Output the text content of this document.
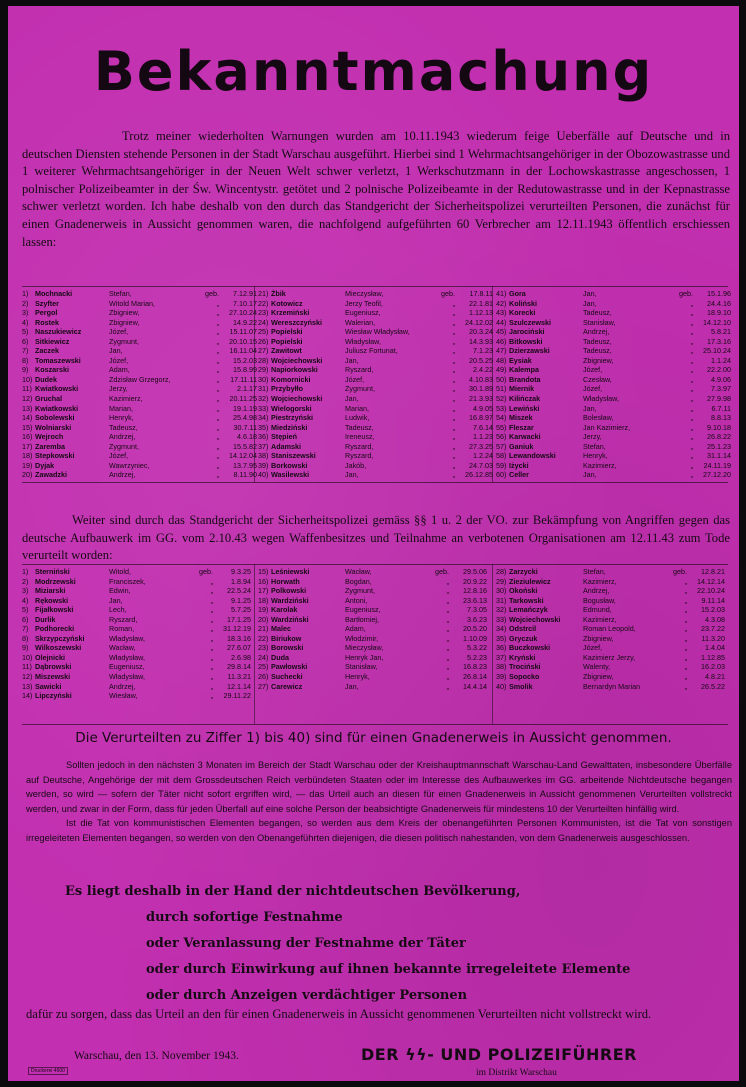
Bekanntmachung

Trotz meiner wiederholten Warnungen wurden am 10.11.1943 wiederum feige Ueberfälle auf Deutsche und in deutschen Diensten stehende Personen in der Stadt Warschau ausgeführt. Hierbei sind 1 Wehrmachtsangehöriger in der Obozowastrasse und 1 weiterer Wehrmachtsangehöriger in der Neuen Welt schwer verletzt, 1 Werkschutzmann in der Lochowskastrasse angeschossen, 1 polnischer Polizeibeamter in der Św. Wincentystr. getötet und 2 polnische Polizeibeamte in der Redutowastrasse und in der Kepnastrasse schwer verletzt worden. Ich habe deshalb von den durch das Standgericht der Sicherheitspolizei verurteilten Personen, die zunächst für einen Gnadenerweis in Aussicht genommen waren, die nachfolgend aufgeführten 60 Verbrecher am 12.11.1943 öffentlich erschiessen lassen:

1) Mochnacki	Stefan,	geb.	7.12.91
2) Szyfter	Witold Marian,	„	7.10.17
3) Pergol	Zbigniew,	„	27.10.24
4) Rostek	Zbigniew,	„	14.9.22
5) Naszukiewicz	Józef,	„	15.11.07
6) Sitkiewicz	Zygmunt,	„	20.10.15
7) Zaczek	Jan,	„	16.11.04
8) Tomaszewski	Józef,	„	15.2.03
9) Koszarski	Adam,	„	15.8.99
10) Dudek	Zdzisław Grzegorz,	„	17.11.11
11) Kwiatkowski	Jerzy,	„	2.1.17
12) Gruchal	Kazimierz,	„	20.11.25
13) Kwiatkowski	Marian,	„	19.1.19
14) Sobolewski	Henryk,	„	25.4.98
15) Wolniarski	Tadeusz,	„	30.7.11
16) Wejroch	Andrzej,	„	4.6.18
17) Zaremba	Zygmunt,	„	15.5.82
18) Stepkowski	Józef,	„	14.12.04
19) Dyjak	Wawrzyniec,	„	13.7.95
20) Zawadzki	Andrzej,	„	8.11.90
21) Żbik	Mieczysław,	geb.	17.8.11
22) Kotowicz	Jerzy Teofil,	„	22.1.81
23) Krzemiński	Eugeniusz,	„	1.12.13
24) Wereszczyński	Walerian,	„	24.12.02
25) Popielski	Wiesław Władysław,	„	20.3.24
26) Popielski	Władysław,	„	14.3.93
27) Zawitowt	Juliusz Fortunat,	„	7.1.23
28) Wojciechowski	Jan,	„	20.5.25
29) Napiorkowski	Ryszard,	„	2.4.22
30) Komornicki	Józef,	„	4.10.83
31) Przybyłło	Zygmunt,	„	30.1.89
32) Wojciechowski	Jan,	„	21.3.93
33) Wielogorski	Marian,	„	4.9.05
34) Piestrzyński	Ludwik,	„	16.8.97
35) Miedziński	Tadeusz,	„	7.6.14
36) Stępień	Ireneusz,	„	1.1.23
37) Adamski	Ryszard,	„	27.3.25
38) Staniszewski	Ryszard,	„	1.2.24
39) Borkowski	Jakób,	„	24.7.03
40) Wasilewski	Jan,	„	26.12.85
41) Gora	Jan,	geb.	15.1.96
42) Koliński	Jan,	„	24.4.16
43) Korecki	Tadeusz,	„	18.9.10
44) Szulczewski	Stanisław,	„	14.12.10
45) Jarociński	Andrzej,	„	5.8.21
46) Bitkowski	Tadeusz,	„	17.3.16
47) Dzierzawski	Tadeusz,	„	25.10.24
48) Eysiak	Zbigniew,	„	1.1.24
49) Kalempa	Józef,	„	22.2.00
50) Brandota	Czesław,	„	4.9.06
51) Miernik	Józef,	„	7.3.97
52) Kilińczak	Władysław,	„	27.9.98
53) Lewiński	Jan,	„	6.7.11
54) Miszek	Bolesław,	„	8.8.13
55) Fleszar	Jan Kazimierz,	„	9.10.18
56) Karwacki	Jerzy,	„	26.8.22
57) Ganiuk	Stefan,	„	25.1.23
58) Lewandowski	Henryk,	„	31.1.14
59) Iżycki	Kazimierz,	„	24.11.19
60) Celler	Jan,	„	27.12.20

Weiter sind durch das Standgericht der Sicherheitspolizei gemäss §§ 1 u. 2 der VO. zur Bekämpfung von Angriffen gegen das deutsche Aufbauwerk im GG. vom 2.10.43 wegen Waffenbesitzes und Teilnahme an verbotenen Organisationen am 12.11.43 zum Tode verurteilt worden:

1) Sterniński	Witold,	geb.	9.3.25
2) Modrzewski	Franciszek,	„	1.8.94
3) Miziarski	Edwin,	„	22.5.24
4) Rękowski	Jan,	„	9.1.25
5) Fijałkowski	Lech,	„	5.7.25
6) Durlik	Ryszard,	„	17.1.25
7) Podhorecki	Roman,	„	31.12.19
8) Skrzypczyński	Władysław,	„	18.3.16
9) Wilkoszewski	Wacław,	„	27.6.07
10) Olejnicki	Władysław,	„	2.6.98
11) Dąbrowski	Eugeniusz,	„	29.8.14
12) Miszewski	Władysław,	„	11.3.21
13) Sawicki	Andrzej,	„	12.1.14
14) Lipczyński	Wiesław,	„	29.11.22
15) Leśniewski	Wacław,	geb.	29.5.06
16) Horwath	Bogdan,	„	20.9.22
17) Polkowski	Zygmunt,	„	12.8.16
18) Wardziński	Antoni,	„	23.6.13
19) Karolak	Eugeniusz,	„	7.3.05
20) Wardziński	Bartłomiej,	„	3.6.23
21) Malec	Adam,	„	20.5.20
22) Biriukow	Włodzimir,	„	1.10.09
23) Borowski	Mieczysław,	„	5.3.22
24) Duda	Henryk Jan,	„	5.2.23
25) Pawłowski	Stanisław,	„	16.8.23
26) Suchecki	Henryk,	„	26.8.14
27) Carewicz	Jan,	„	14.4.14
28) Zarzycki	Stefan,	geb.	12.8.21
29) Zieziulewicz	Kazimierz,	„	14.12.14
30) Okoński	Andrzej,	„	22.10.24
31) Tarkowski	Bogusław,	„	9.11.14
32) Lemańczyk	Edmund,	„	15.2.03
33) Wojciechowski	Kazimierz,	„	4.3.08
34) Odstrcil	Roman Leopold,	„	23.7.22
35) Gryczuk	Zbigniew,	„	11.3.20
36) Buczkowski	Józef,	„	1.4.04
37) Kryński	Kazimierz Jerzy,	„	1.12.85
38) Trociński	Walenty,	„	16.2.03
39) Sopocko	Zbigniew,	„	4.8.21
40) Smolik	Bernardyn Marian	„	26.5.22
Die Verurteilten zu Ziffer 1) bis 40) sind für einen Gnadenerweis in Aussicht genommen.

Sollten jedoch in den nächsten 3 Monaten im Bereich der Stadt Warschau oder der Kreishauptmannschaft Warschau-Land Gewalttaten, insbesondere Überfälle auf Deutsche, Angehörige der mit dem Grossdeutschen Reich verbündeten Staaten oder im Interesse des Aufbauwerkes im GG. arbeitende Nichtdeutsche begangen werden, so wird — sofern der Täter nicht sofort ergriffen wird, — das Urteil auch an diesen für einen Gnadenerweis in Aussicht genommenen Verurteilten vollstreckt werden, und zwar in der Form, dass für jeden Überfall auf eine solche Person der beabsichtigte Gnadenerweis für mindestens 10 der Verurteilten hinfällig wird.

Ist die Tat von kommunistischen Elementen begangen, so werden aus dem Kreis der obenangeführten Personen Kommunisten, ist die Tat von sonstigen irregeleiteten Elementen begangen, so werden von den Obenangeführten diejenigen, die diesen politisch nahestanden, von dem Gnadenerweis ausgeschlossen.

Es liegt deshalb in der Hand der nichtdeutschen Bevölkerung,
durch sofortige Festnahme
oder Veranlassung der Festnahme der Täter
oder durch Einwirkung auf ihnen bekannte irregeleitete Elemente
oder durch Anzeigen verdächtiger Personen

dafür zu sorgen, dass das Urteil an den für einen Gnadenerweis in Aussicht genommenen Verurteilten nicht vollstreckt wird.

Warschau, den 13. November 1943.	DER ϟϟ- UND POLIZEIFÜHRER
im Distrikt Warschau
Druckerei 4600
